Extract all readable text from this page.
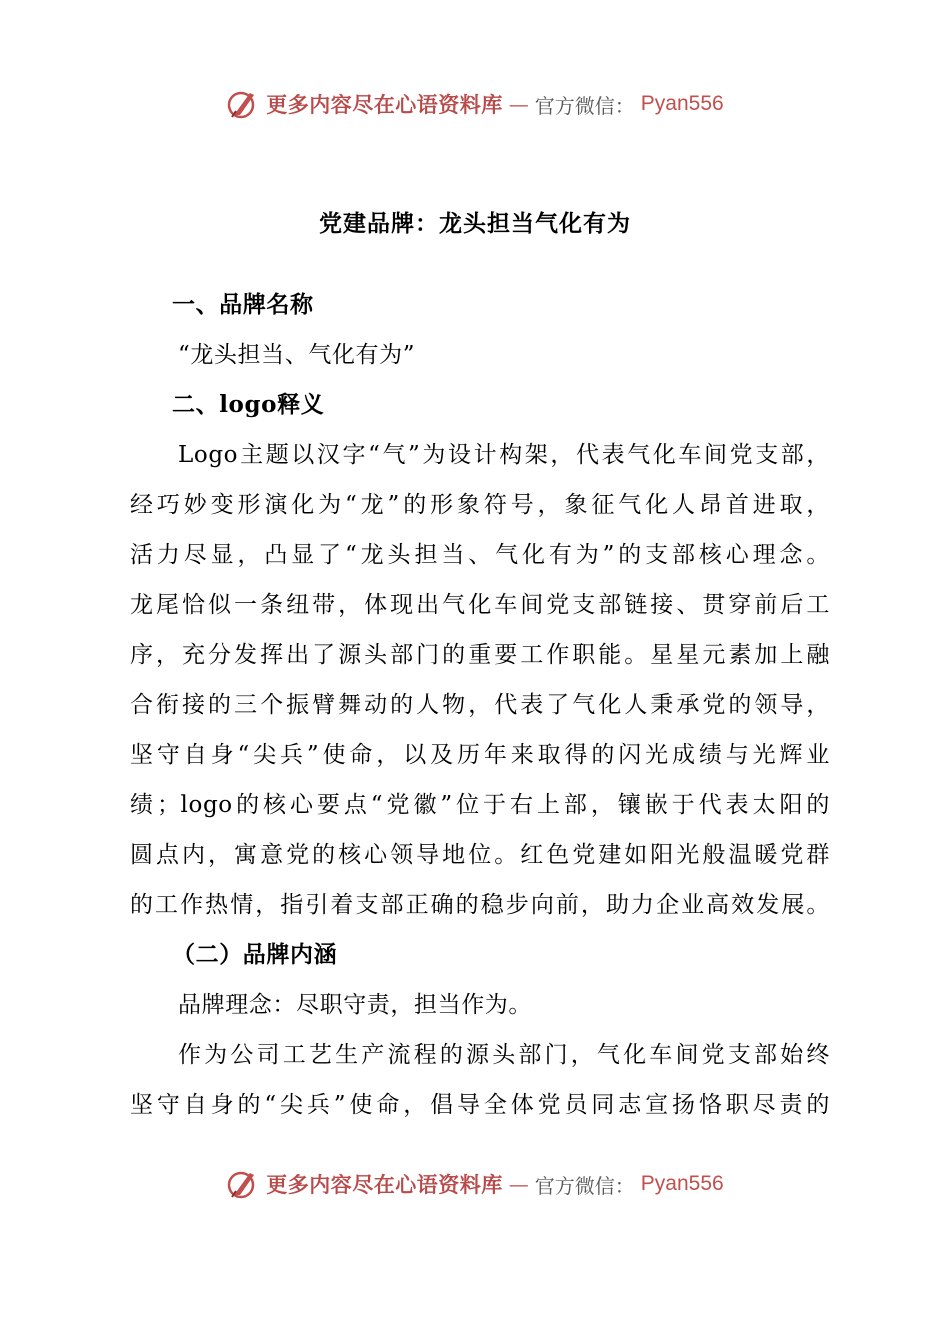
更多内容尽在心语资料库 — 官方微信： Pyan556
党建品牌：龙头担当气化有为
一、品牌名称
“龙头担当、气化有为”
二、logo释义
Logo主题以汉字“气”为设计构架，代表气化车间党支部，
经巧妙变形演化为“龙”的形象符号，象征气化人昂首进取，
活力尽显，凸显了“龙头担当、气化有为”的支部核心理念。
龙尾恰似一条纽带，体现出气化车间党支部链接、贯穿前后工
序，充分发挥出了源头部门的重要工作职能。星星元素加上融
合衔接的三个振臂舞动的人物，代表了气化人秉承党的领导，
坚守自身“尖兵”使命，以及历年来取得的闪光成绩与光辉业
绩；logo的核心要点“党徽”位于右上部，镶嵌于代表太阳的
圆点内，寓意党的核心领导地位。红色党建如阳光般温暖党群
的工作热情，指引着支部正确的稳步向前，助力企业高效发展。
（二）品牌内涵
品牌理念：尽职守责，担当作为。
作为公司工艺生产流程的源头部门，气化车间党支部始终
坚守自身的“尖兵”使命，倡导全体党员同志宣扬恪职尽责的
更多内容尽在心语资料库 — 官方微信： Pyan556
